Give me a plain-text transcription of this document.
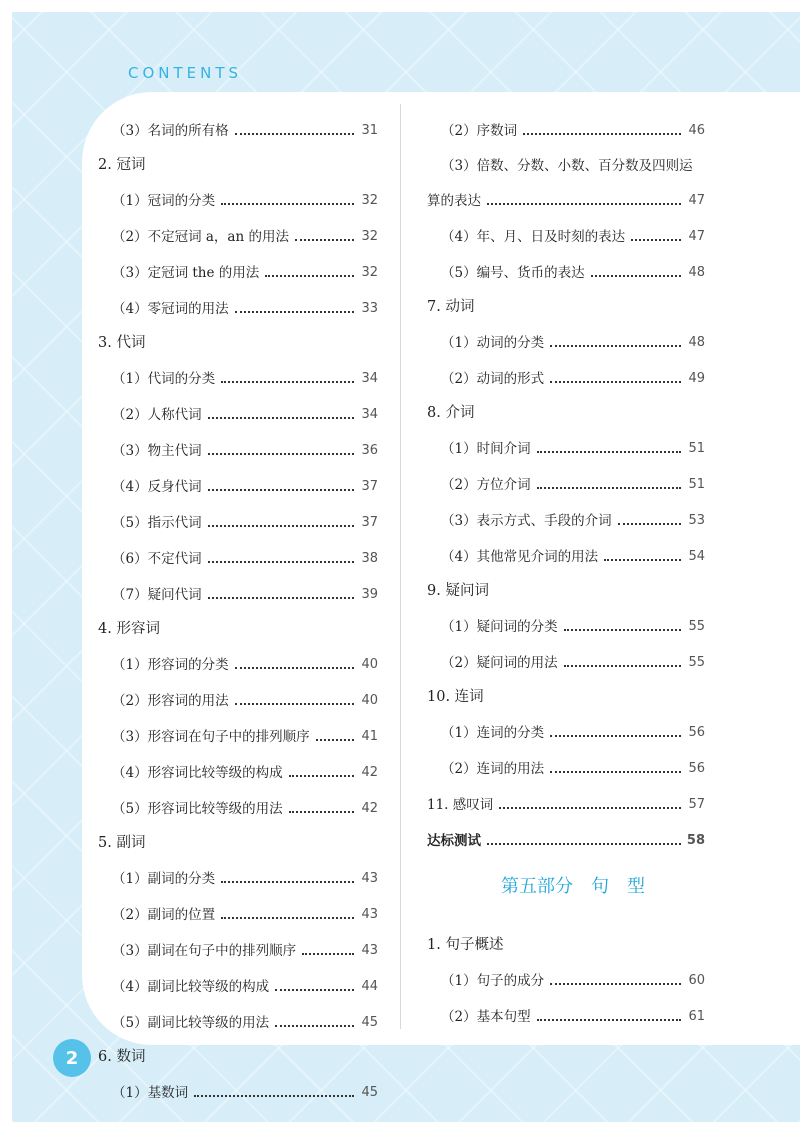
CONTENTS
（3）名词的所有格	31
2. 冠词
（1）冠词的分类	32
（2）不定冠词 a，an 的用法	32
（3）定冠词 the 的用法	32
（4）零冠词的用法	33
3. 代词
（1）代词的分类	34
（2）人称代词	34
（3）物主代词	36
（4）反身代词	37
（5）指示代词	37
（6）不定代词	38
（7）疑问代词	39
4. 形容词
（1）形容词的分类	40
（2）形容词的用法	40
（3）形容词在句子中的排列顺序	41
（4）形容词比较等级的构成	42
（5）形容词比较等级的用法	42
5. 副词
（1）副词的分类	43
（2）副词的位置	43
（3）副词在句子中的排列顺序	43
（4）副词比较等级的构成	44
（5）副词比较等级的用法	45
6. 数词
（1）基数词	45
（2）序数词	46
（3）倍数、分数、小数、百分数及四则运
算的表达	47
（4）年、月、日及时刻的表达	47
（5）编号、货币的表达	48
7. 动词
（1）动词的分类	48
（2）动词的形式	49
8. 介词
（1）时间介词	51
（2）方位介词	51
（3）表示方式、手段的介词	53
（4）其他常见介词的用法	54
9. 疑问词
（1）疑问词的分类	55
（2）疑问词的用法	55
10. 连词
（1）连词的分类	56
（2）连词的用法	56
11. 感叹词	57
达标测试	58
第五部分　句　型
1. 句子概述
（1）句子的成分	60
（2）基本句型	61
2
